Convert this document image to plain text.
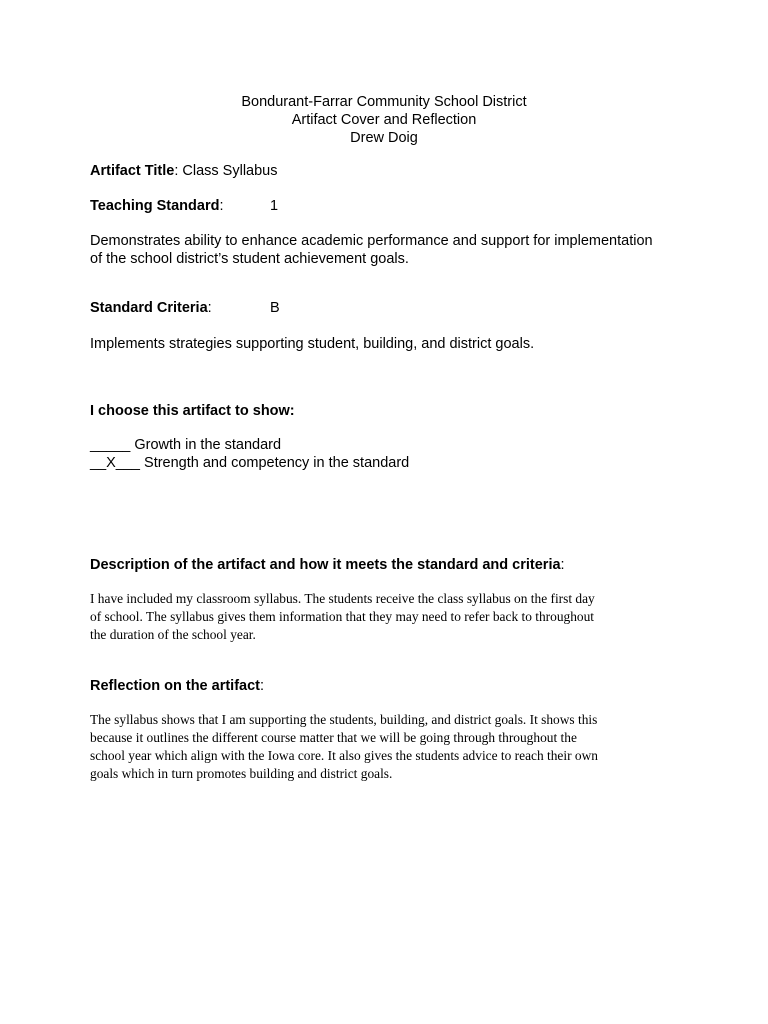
Bondurant-Farrar Community School District
Artifact Cover and Reflection
Drew Doig
Artifact Title: Class Syllabus
Teaching Standard:	1
Demonstrates ability to enhance academic performance and support for implementation
of the school district’s student achievement goals.
Standard Criteria:	B
Implements strategies supporting student, building, and district goals.
I choose this artifact to show:
_____ Growth in the standard
__X___ Strength and competency in the standard
Description of the artifact and how it meets the standard and criteria:
I have included my classroom syllabus. The students receive the class syllabus on the first day
of school. The syllabus gives them information that they may need to refer back to throughout
the duration of the school year.
Reflection on the artifact:
The syllabus shows that I am supporting the students, building, and district goals. It shows this
because it outlines the different course matter that we will be going through throughout the
school year which align with the Iowa core. It also gives the students advice to reach their own
goals which in turn promotes building and district goals.
